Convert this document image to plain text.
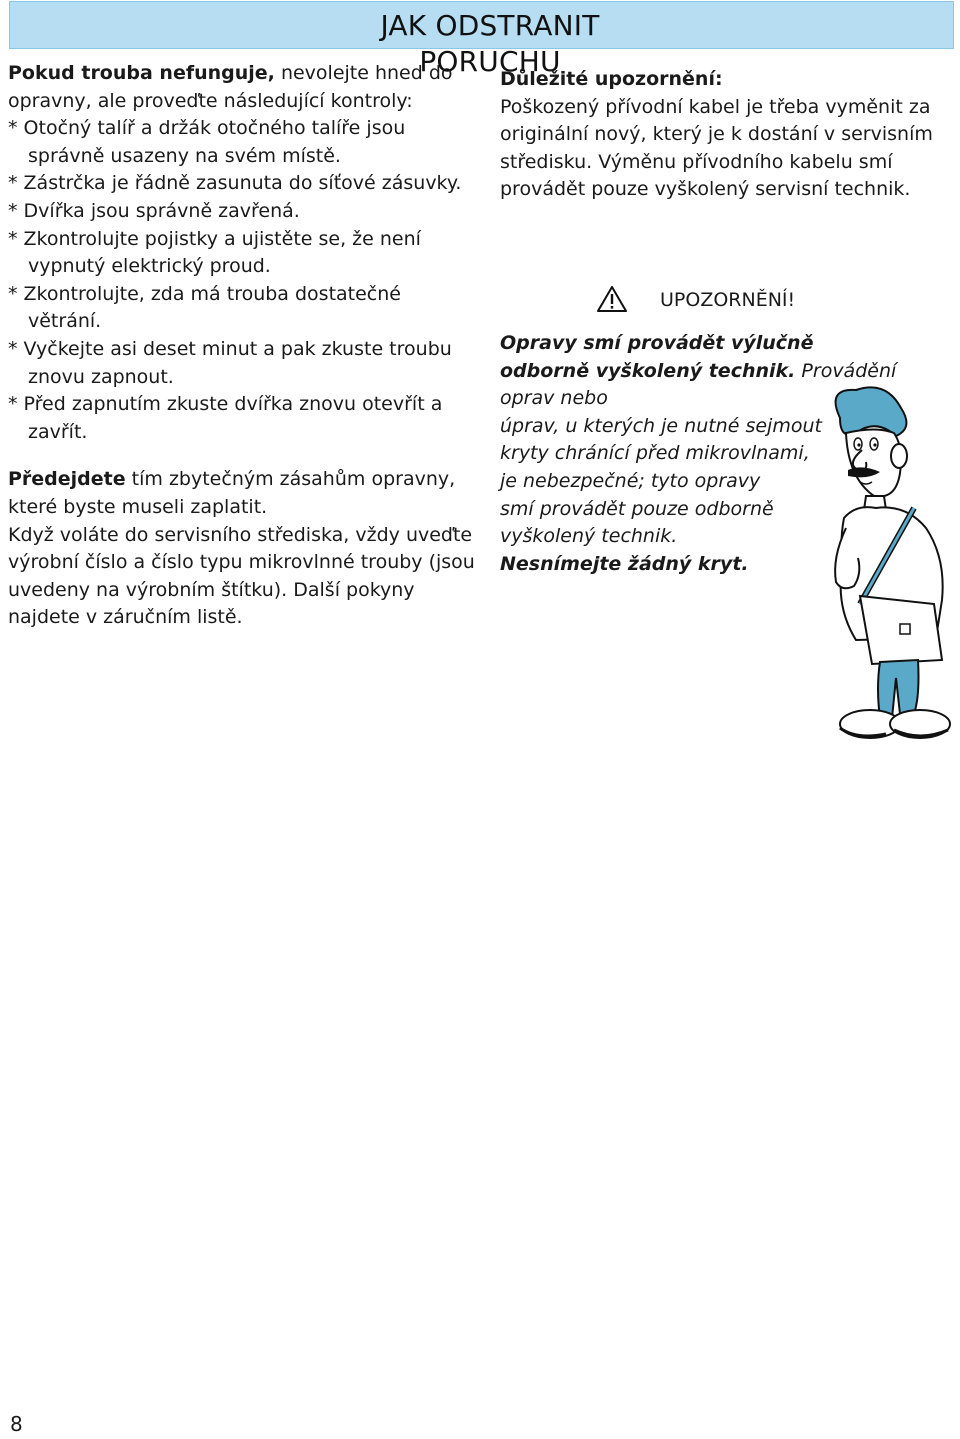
JAK ODSTRANIT PORUCHU

Pokud trouba nefunguje, nevolejte hned do opravny, ale proveďte následující kontroly:

* Otočný talíř a držák otočného talíře jsou správně usazeny na svém místě.

* Zástrčka je řádně zasunuta do síťové zásuvky.

* Dvířka jsou správně zavřená.

* Zkontrolujte pojistky a ujistěte se, že není vypnutý elektrický proud.

* Zkontrolujte, zda má trouba dostatečné větrání.

* Vyčkejte asi deset minut a pak zkuste troubu znovu zapnout.

* Před zapnutím zkuste dvířka znovu otevřít a zavřít.

Předejdete tím zbytečným zásahům opravny, které byste museli zaplatit.

Když voláte do servisního střediska, vždy uveďte výrobní číslo a číslo typu mikrovlnné trouby (jsou uvedeny na výrobním štítku). Další pokyny najdete v záručním listě.

Důležité upozornění:

Poškozený přívodní kabel je třeba vyměnit za originální nový, který je k dostání v servisním středisku. Výměnu přívodního kabelu smí provádět pouze vyškolený servisní technik.

UPOZORNĚNÍ!

Opravy smí provádět výlučně odborně vyškolený technik. Provádění oprav nebo

úprav, u kterých je nutné sejmout

kryty chránící před mikrovlnami,

je nebezpečné; tyto opravy

smí provádět pouze odborně

vyškolený technik.

Nesnímejte žádný kryt.

8
